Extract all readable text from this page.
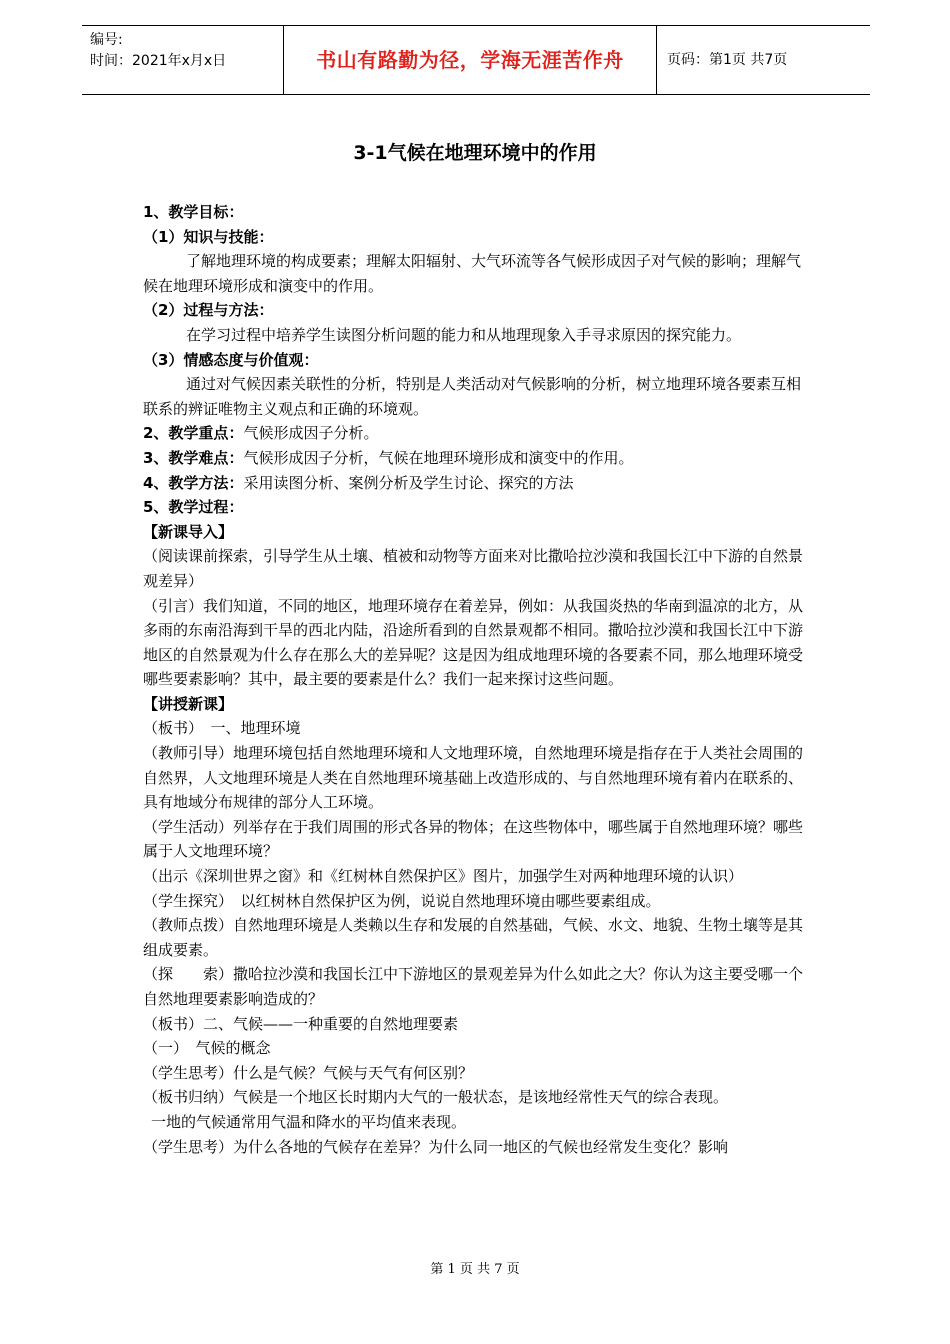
编号:
时间：2021年x月x日	书山有路勤为径，学海无涯苦作舟	页码：第1页 共7页
3-1气候在地理环境中的作用

1、教学目标：

（1）知识与技能：

了解地理环境的构成要素；理解太阳辐射、大气环流等各气候形成因子对气候的影响；理解气候在地理环境形成和演变中的作用。

（2）过程与方法：

在学习过程中培养学生读图分析问题的能力和从地理现象入手寻求原因的探究能力。

（3）情感态度与价值观：

通过对气候因素关联性的分析，特别是人类活动对气候影响的分析，树立地理环境各要素互相联系的辨证唯物主义观点和正确的环境观。

2、教学重点：气候形成因子分析。

3、教学难点：气候形成因子分析，气候在地理环境形成和演变中的作用。

4、教学方法：采用读图分析、案例分析及学生讨论、探究的方法

5、教学过程：

【新课导入】

（阅读课前探索，引导学生从土壤、植被和动物等方面来对比撒哈拉沙漠和我国长江中下游的自然景观差异）

（引言）我们知道，不同的地区，地理环境存在着差异，例如：从我国炎热的华南到温凉的北方，从多雨的东南沿海到干旱的西北内陆，沿途所看到的自然景观都不相同。撒哈拉沙漠和我国长江中下游地区的自然景观为什么存在那么大的差异呢？这是因为组成地理环境的各要素不同，那么地理环境受哪些要素影响？其中，最主要的要素是什么？我们一起来探讨这些问题。

【讲授新课】

（板书）　一、地理环境

（教师引导）地理环境包括自然地理环境和人文地理环境，自然地理环境是指存在于人类社会周围的自然界，人文地理环境是人类在自然地理环境基础上改造形成的、与自然地理环境有着内在联系的、具有地域分布规律的部分人工环境。

（学生活动）列举存在于我们周围的形式各异的物体；在这些物体中，哪些属于自然地理环境？哪些属于人文地理环境？

（出示《深圳世界之窗》和《红树林自然保护区》图片，加强学生对两种地理环境的认识）

（学生探究）　以红树林自然保护区为例，说说自然地理环境由哪些要素组成。

（教师点拨）自然地理环境是人类赖以生存和发展的自然基础，气候、水文、地貌、生物土壤等是其组成要素。

（探　　索）撒哈拉沙漠和我国长江中下游地区的景观差异为什么如此之大？你认为这主要受哪一个自然地理要素影响造成的？

（板书）二、气候——一种重要的自然地理要素

（一）　气候的概念

（学生思考）什么是气候？气候与天气有何区别？

（板书归纳）气候是一个地区长时期内大气的一般状态，是该地经常性天气的综合表现。

一地的气候通常用气温和降水的平均值来表现。

（学生思考）为什么各地的气候存在差异？为什么同一地区的气候也经常发生变化？影响

第 1 页 共 7 页
